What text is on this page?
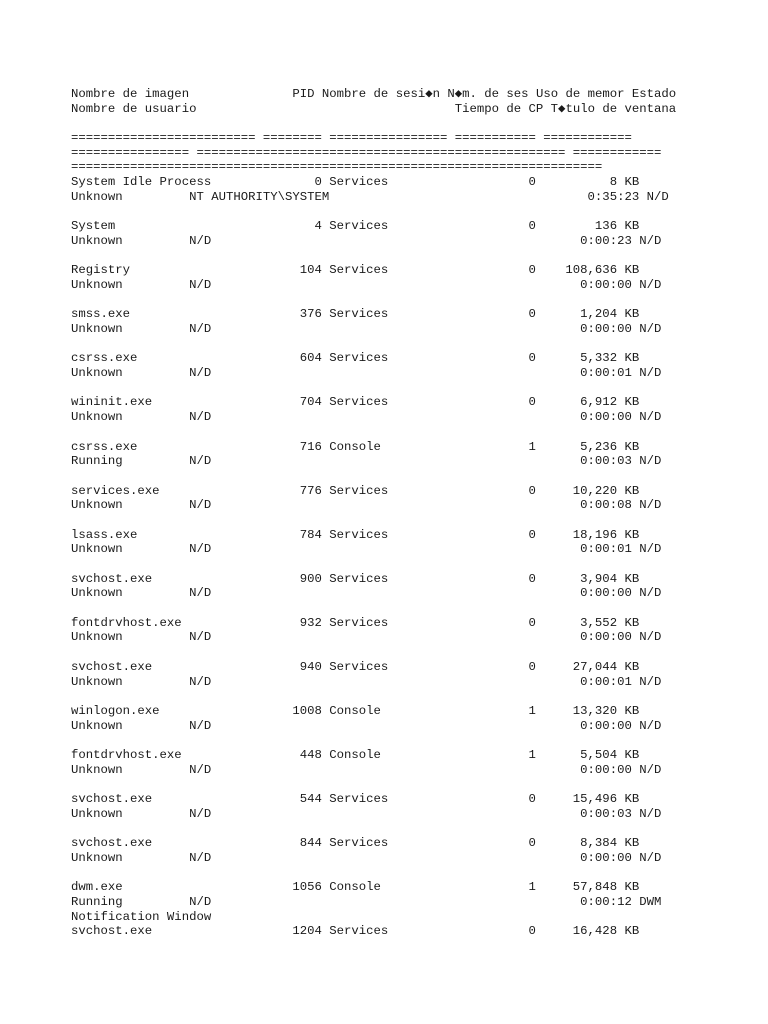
Nombre de imagen              PID Nombre de sesi◆n N◆m. de ses Uso de memor Estado
Nombre de usuario                                   Tiempo de CP T◆tulo de ventana
========================= ======== ================ =========== ============
================ ================================================== ============
========================================================================
System Idle Process              0 Services                   0          8 KB
Unknown         NT AUTHORITY\SYSTEM                                   0:35:23 N/D
System                           4 Services                   0        136 KB
Unknown         N/D                                                  0:00:23 N/D
Registry                       104 Services                   0    108,636 KB
Unknown         N/D                                                  0:00:00 N/D
smss.exe                       376 Services                   0      1,204 KB
Unknown         N/D                                                  0:00:00 N/D
csrss.exe                      604 Services                   0      5,332 KB
Unknown         N/D                                                  0:00:01 N/D
wininit.exe                    704 Services                   0      6,912 KB
Unknown         N/D                                                  0:00:00 N/D
csrss.exe                      716 Console                    1      5,236 KB
Running         N/D                                                  0:00:03 N/D
services.exe                   776 Services                   0     10,220 KB
Unknown         N/D                                                  0:00:08 N/D
lsass.exe                      784 Services                   0     18,196 KB
Unknown         N/D                                                  0:00:01 N/D
svchost.exe                    900 Services                   0      3,904 KB
Unknown         N/D                                                  0:00:00 N/D
fontdrvhost.exe                932 Services                   0      3,552 KB
Unknown         N/D                                                  0:00:00 N/D
svchost.exe                    940 Services                   0     27,044 KB
Unknown         N/D                                                  0:00:01 N/D
winlogon.exe                  1008 Console                    1     13,320 KB
Unknown         N/D                                                  0:00:00 N/D
fontdrvhost.exe                448 Console                    1      5,504 KB
Unknown         N/D                                                  0:00:00 N/D
svchost.exe                    544 Services                   0     15,496 KB
Unknown         N/D                                                  0:00:03 N/D
svchost.exe                    844 Services                   0      8,384 KB
Unknown         N/D                                                  0:00:00 N/D
dwm.exe                       1056 Console                    1     57,848 KB
Running         N/D                                                  0:00:12 DWM
Notification Window
svchost.exe                   1204 Services                   0     16,428 KB
